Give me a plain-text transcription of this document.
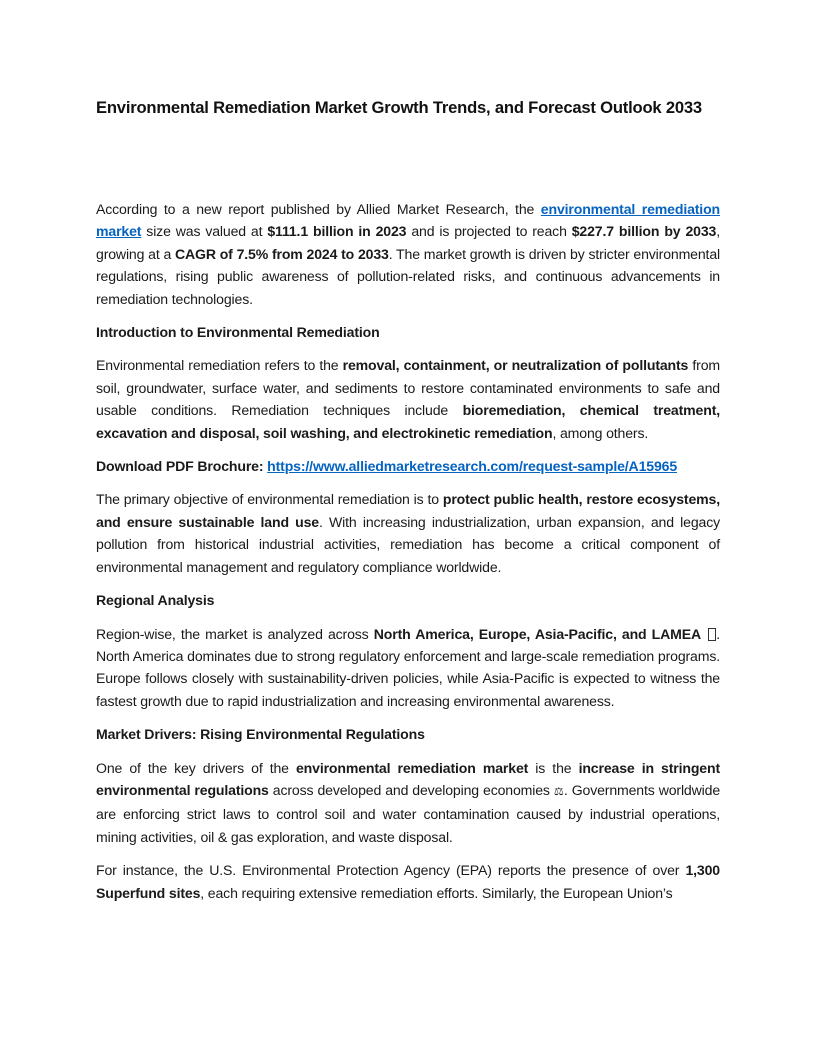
Environmental Remediation Market Growth Trends, and Forecast Outlook 2033

According to a new report published by Allied Market Research, the environmental remediation market size was valued at $111.1 billion in 2023 and is projected to reach $227.7 billion by 2033, growing at a CAGR of 7.5% from 2024 to 2033. The market growth is driven by stricter environmental regulations, rising public awareness of pollution-related risks, and continuous advancements in remediation technologies.

Introduction to Environmental Remediation

Environmental remediation refers to the removal, containment, or neutralization of pollutants from soil, groundwater, surface water, and sediments to restore contaminated environments to safe and usable conditions. Remediation techniques include bioremediation, chemical treatment, excavation and disposal, soil washing, and electrokinetic remediation, among others.

Download PDF Brochure: https://www.alliedmarketresearch.com/request-sample/A15965

The primary objective of environmental remediation is to protect public health, restore ecosystems, and ensure sustainable land use. With increasing industrialization, urban expansion, and legacy pollution from historical industrial activities, remediation has become a critical component of environmental management and regulatory compliance worldwide.

Regional Analysis

Region-wise, the market is analyzed across North America, Europe, Asia-Pacific, and LAMEA . North America dominates due to strong regulatory enforcement and large-scale remediation programs. Europe follows closely with sustainability-driven policies, while Asia-Pacific is expected to witness the fastest growth due to rapid industrialization and increasing environmental awareness.

Market Drivers: Rising Environmental Regulations

One of the key drivers of the environmental remediation market is the increase in stringent environmental regulations across developed and developing economies ⚖. Governments worldwide are enforcing strict laws to control soil and water contamination caused by industrial operations, mining activities, oil & gas exploration, and waste disposal.

For instance, the U.S. Environmental Protection Agency (EPA) reports the presence of over 1,300 Superfund sites, each requiring extensive remediation efforts. Similarly, the European Union’s
